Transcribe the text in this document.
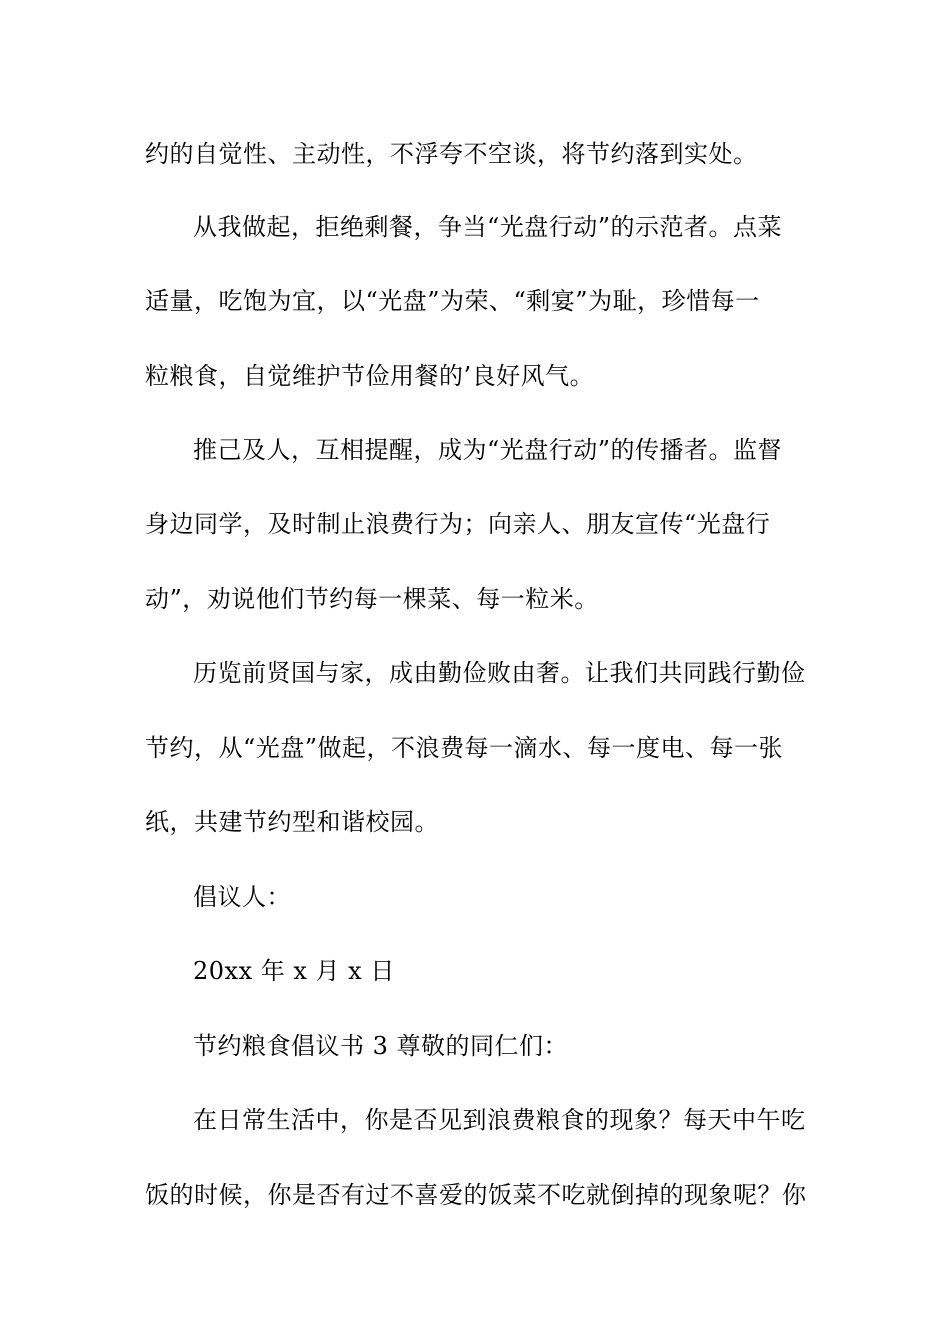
约的自觉性、主动性，不浮夸不空谈，将节约落到实处。
从我做起，拒绝剩餐，争当“光盘行动”的示范者。点菜
适量，吃饱为宜，以“光盘”为荣、“剩宴”为耻，珍惜每一
粒粮食，自觉维护节俭用餐的’良好风气。
推己及人，互相提醒，成为“光盘行动”的传播者。监督
身边同学，及时制止浪费行为；向亲人、朋友宣传“光盘行
动”，劝说他们节约每一棵菜、每一粒米。
历览前贤国与家，成由勤俭败由奢。让我们共同践行勤俭
节约，从“光盘”做起，不浪费每一滴水、每一度电、每一张
纸，共建节约型和谐校园。
倡议人：
20xx 年 x 月 x 日
节约粮食倡议书 3 尊敬的同仁们：
在日常生活中，你是否见到浪费粮食的现象？每天中午吃
饭的时候，你是否有过不喜爱的饭菜不吃就倒掉的现象呢？你
